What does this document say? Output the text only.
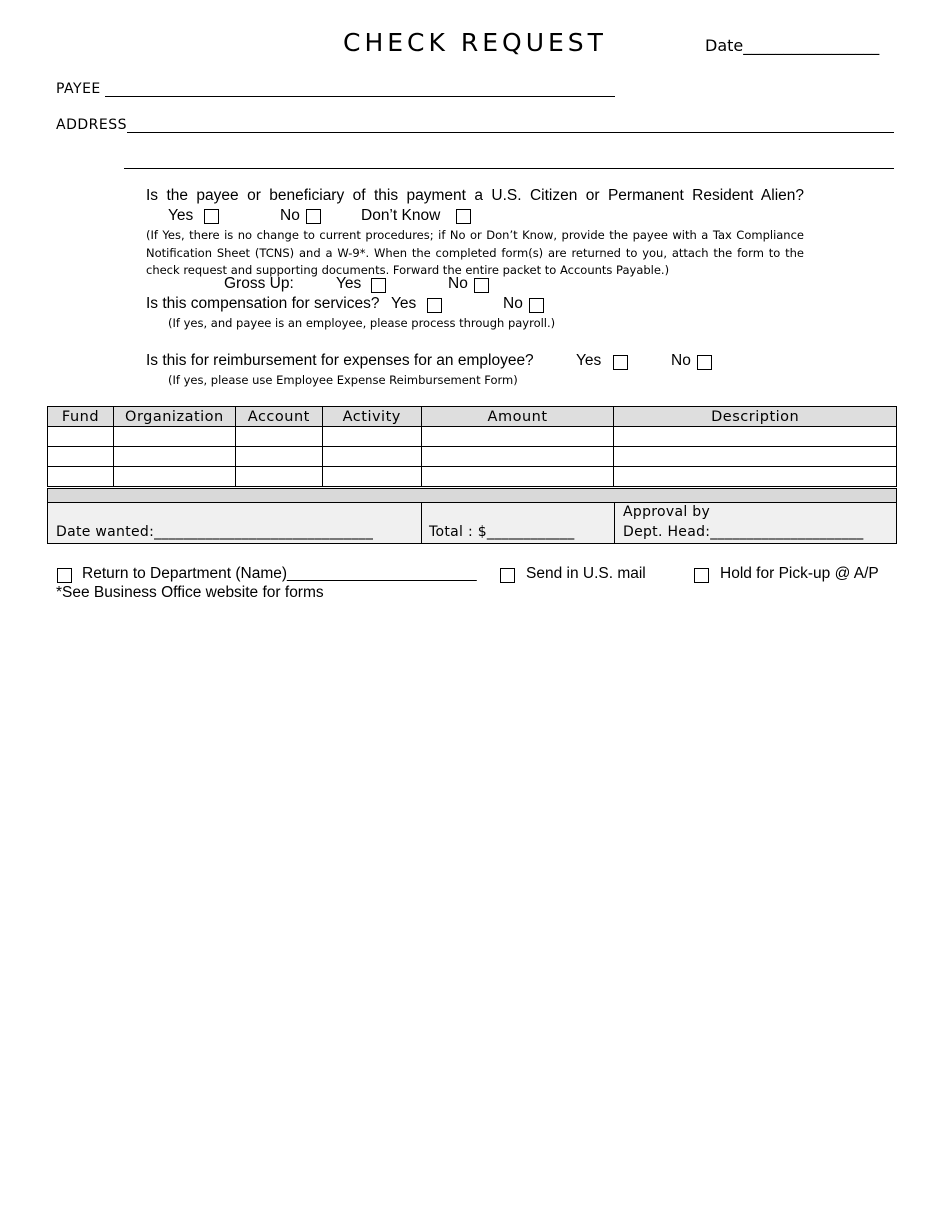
CHECK REQUEST	Date_________________
PAYEE
ADDRESS
Is the payee or beneficiary of this payment a U.S. Citizen or Permanent Resident Alien?
Yes	No	Don’t Know
(If Yes, there is no change to current procedures; if No or Don’t Know, provide the payee with a Tax Compliance Notification Sheet (TCNS) and a W-9*. When the completed form(s) are returned to you, attach the form to the check request and supporting documents. Forward the entire packet to Accounts Payable.)
Gross Up:	Yes	No
Is this compensation for services? Yes	No
(If yes, and payee is an employee, please process through payroll.)
Is this for reimbursement for expenses for an employee?	Yes	No
(If yes, please use Employee Expense Reimbursement Form)
Fund	Organization	Account	Activity	Amount	Description

Date wanted:______________________________	Total : $____________
Approval by
Dept. Head:_____________________
Return to Department (Name)______________________	Send in U.S. mail	Hold for Pick-up @ A/P
*See Business Office website for forms
